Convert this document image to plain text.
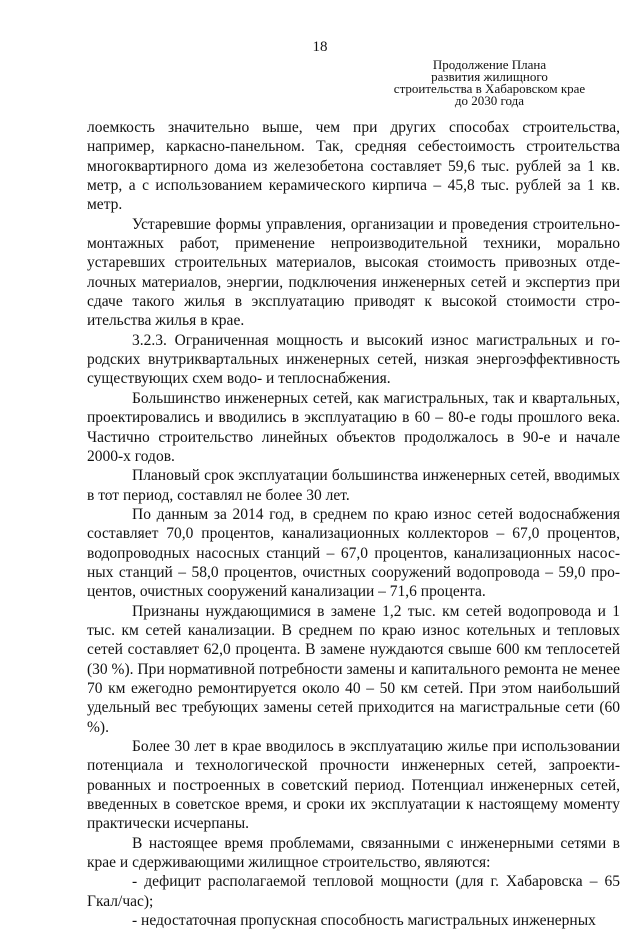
18
Продолжение Плана
развития жилищного
строительства в Хабаровском крае
до 2030 года

лоемкость значительно выше, чем при других способах строительства, например, каркасно-панельном. Так, средняя себестоимость строительства многоквартирного дома из железобетона составляет 59,6 тыс. рублей за 1 кв. метр, а с использованием керамического кирпича – 45,8 тыс. рублей за 1 кв. метр.

Устаревшие формы управления, организации и проведения строительно-монтажных работ, применение непроизводительной техники, морально устаревших строительных материалов, высокая стоимость привозных отделочных материалов, энергии, подключения инженерных сетей и экспертиз при сдаче такого жилья в эксплуатацию приводят к высокой стоимости строительства жилья в крае.

3.2.3. Ограниченная мощность и высокий износ магистральных и городских внутриквартальных инженерных сетей, низкая энергоэффективность существующих схем водо- и теплоснабжения.

Большинство инженерных сетей, как магистральных, так и квартальных, проектировались и вводились в эксплуатацию в 60 – 80-е годы прошлого века. Частично строительство линейных объектов продолжалось в 90-е и начале 2000-х годов.

Плановый срок эксплуатации большинства инженерных сетей, вводимых в тот период, составлял не более 30 лет.

По данным за 2014 год, в среднем по краю износ сетей водоснабжения составляет 70,0 процентов, канализационных коллекторов – 67,0 процентов, водопроводных насосных станций – 67,0 процентов, канализационных насосных станций – 58,0 процентов, очистных сооружений водопровода – 59,0 процентов, очистных сооружений канализации – 71,6 процента.

Признаны нуждающимися в замене 1,2 тыс. км сетей водопровода и 1 тыс. км сетей канализации. В среднем по краю износ котельных и тепловых сетей составляет 62,0 процента. В замене нуждаются свыше 600 км теплосетей (30 %). При нормативной потребности замены и капитального ремонта не менее 70 км ежегодно ремонтируется около 40 – 50 км сетей. При этом наибольший удельный вес требующих замены сетей приходится на магистральные сети (60 %).

Более 30 лет в крае вводилось в эксплуатацию жилье при использовании потенциала и технологической прочности инженерных сетей, запроектированных и построенных в советский период. Потенциал инженерных сетей, введенных в советское время, и сроки их эксплуатации к настоящему моменту практически исчерпаны.

В настоящее время проблемами, связанными с инженерными сетями в крае и сдерживающими жилищное строительство, являются:

- дефицит располагаемой тепловой мощности (для г. Хабаровска – 65 Гкал/час);

- недостаточная пропускная способность магистральных инженерных
